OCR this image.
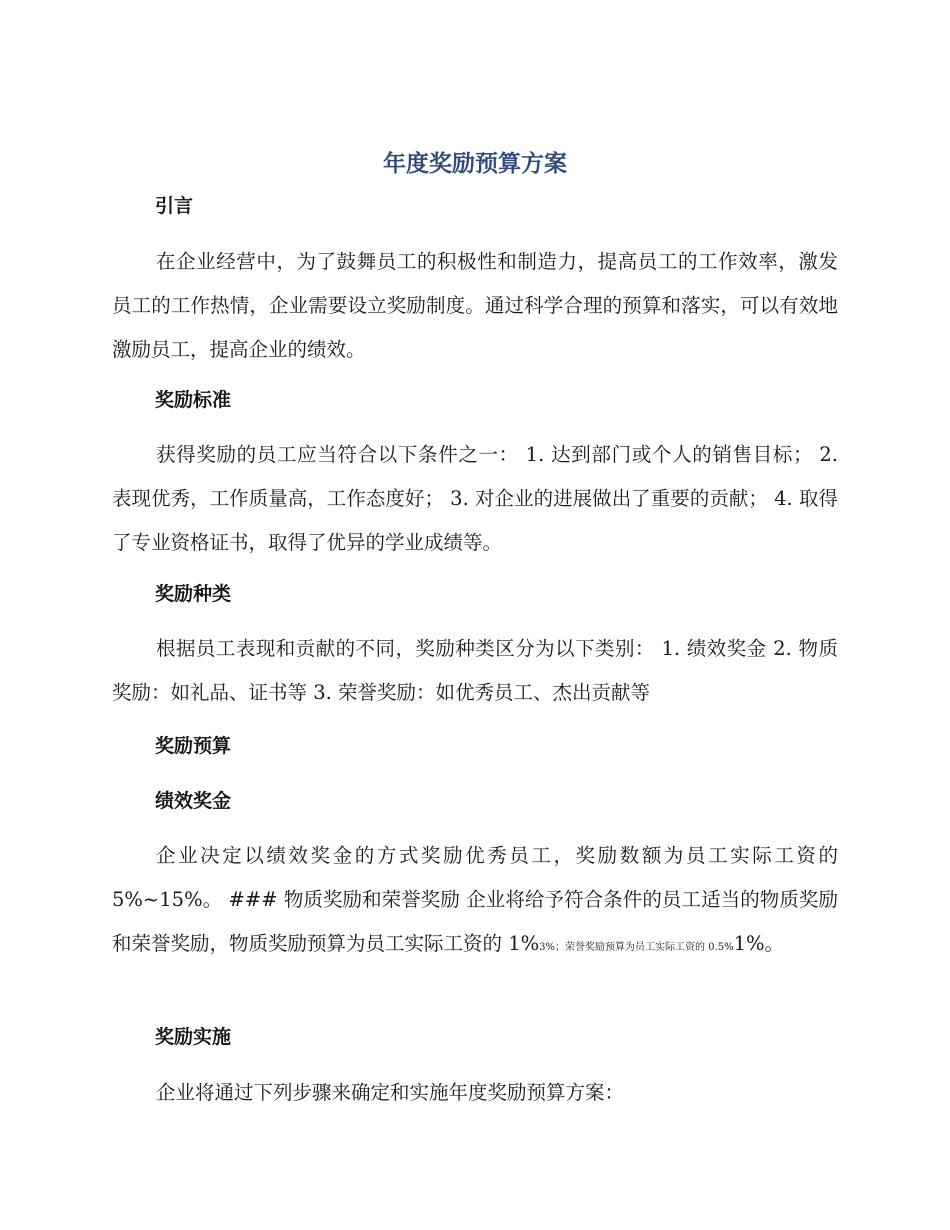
年度奖励预算方案
引言

在企业经营中，为了鼓舞员工的积极性和制造力，提高员工的工作效率，激发员工的工作热情，企业需要设立奖励制度。通过科学合理的预算和落实，可以有效地激励员工，提高企业的绩效。

奖励标准

获得奖励的员工应当符合以下条件之一： 1. 达到部门或个人的销售目标； 2. 表现优秀，工作质量高，工作态度好； 3. 对企业的进展做出了重要的贡献； 4. 取得了专业资格证书，取得了优异的学业成绩等。

奖励种类

根据员工表现和贡献的不同，奖励种类区分为以下类别： 1. 绩效奖金 2. 物质奖励：如礼品、证书等 3. 荣誉奖励：如优秀员工、杰出贡献等

奖励预算
绩效奖金

企业决定以绩效奖金的方式奖励优秀员工，奖励数额为员工实际工资的5%~15%。 ### 物质奖励和荣誉奖励 企业将给予符合条件的员工适当的物质奖励和荣誉奖励，物质奖励预算为员工实际工资的 1%3%；荣誉奖励预算为员工实际工资的 0.5%1%。

奖励实施

企业将通过下列步骤来确定和实施年度奖励预算方案：
